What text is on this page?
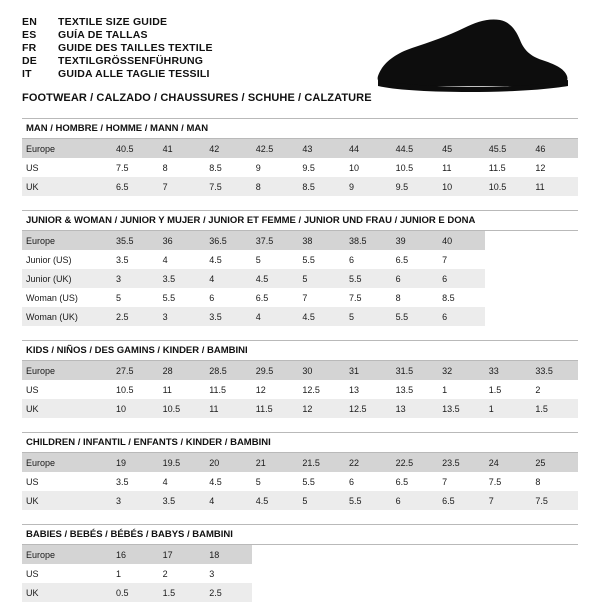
EN	TEXTILE SIZE GUIDE
ES	GUÍA DE TALLAS
FR	GUIDE DES TAILLES TEXTILE
DE	TEXTILGRÖSSENFÜHRUNG
IT	GUIDA ALLE TAGLIE TESSILI
FOOTWEAR / CALZADO / CHAUSSURES / SCHUHE / CALZATURE
MAN / HOMBRE / HOMME / MANN / MAN
Europe	40.5	41	42	42.5	43	44	44.5	45	45.5	46
US	7.5	8	8.5	9	9.5	10	10.5	11	11.5	12
UK	6.5	7	7.5	8	8.5	9	9.5	10	10.5	11
JUNIOR & WOMAN / JUNIOR Y MUJER / JUNIOR ET FEMME / JUNIOR UND FRAU / JUNIOR E DONA
Europe	35.5	36	36.5	37.5	38	38.5	39	40		
Junior (US)	3.5	4	4.5	5	5.5	6	6.5	7		
Junior (UK)	3	3.5	4	4.5	5	5.5	6	6		
Woman (US)	5	5.5	6	6.5	7	7.5	8	8.5		
Woman (UK)	2.5	3	3.5	4	4.5	5	5.5	6		
KIDS / NIÑOS / DES GAMINS / KINDER / BAMBINI
Europe	27.5	28	28.5	29.5	30	31	31.5	32	33	33.5
US	10.5	11	11.5	12	12.5	13	13.5	1	1.5	2
UK	10	10.5	11	11.5	12	12.5	13	13.5	1	1.5
CHILDREN / INFANTIL / ENFANTS / KINDER / BAMBINI
Europe	19	19.5	20	21	21.5	22	22.5	23.5	24	25
US	3.5	4	4.5	5	5.5	6	6.5	7	7.5	8
UK	3	3.5	4	4.5	5	5.5	6	6.5	7	7.5
BABIES / BEBÉS / BÉBÉS / BABYS / BAMBINI
Europe	16	17	18							
US	1	2	3							
UK	0.5	1.5	2.5							
